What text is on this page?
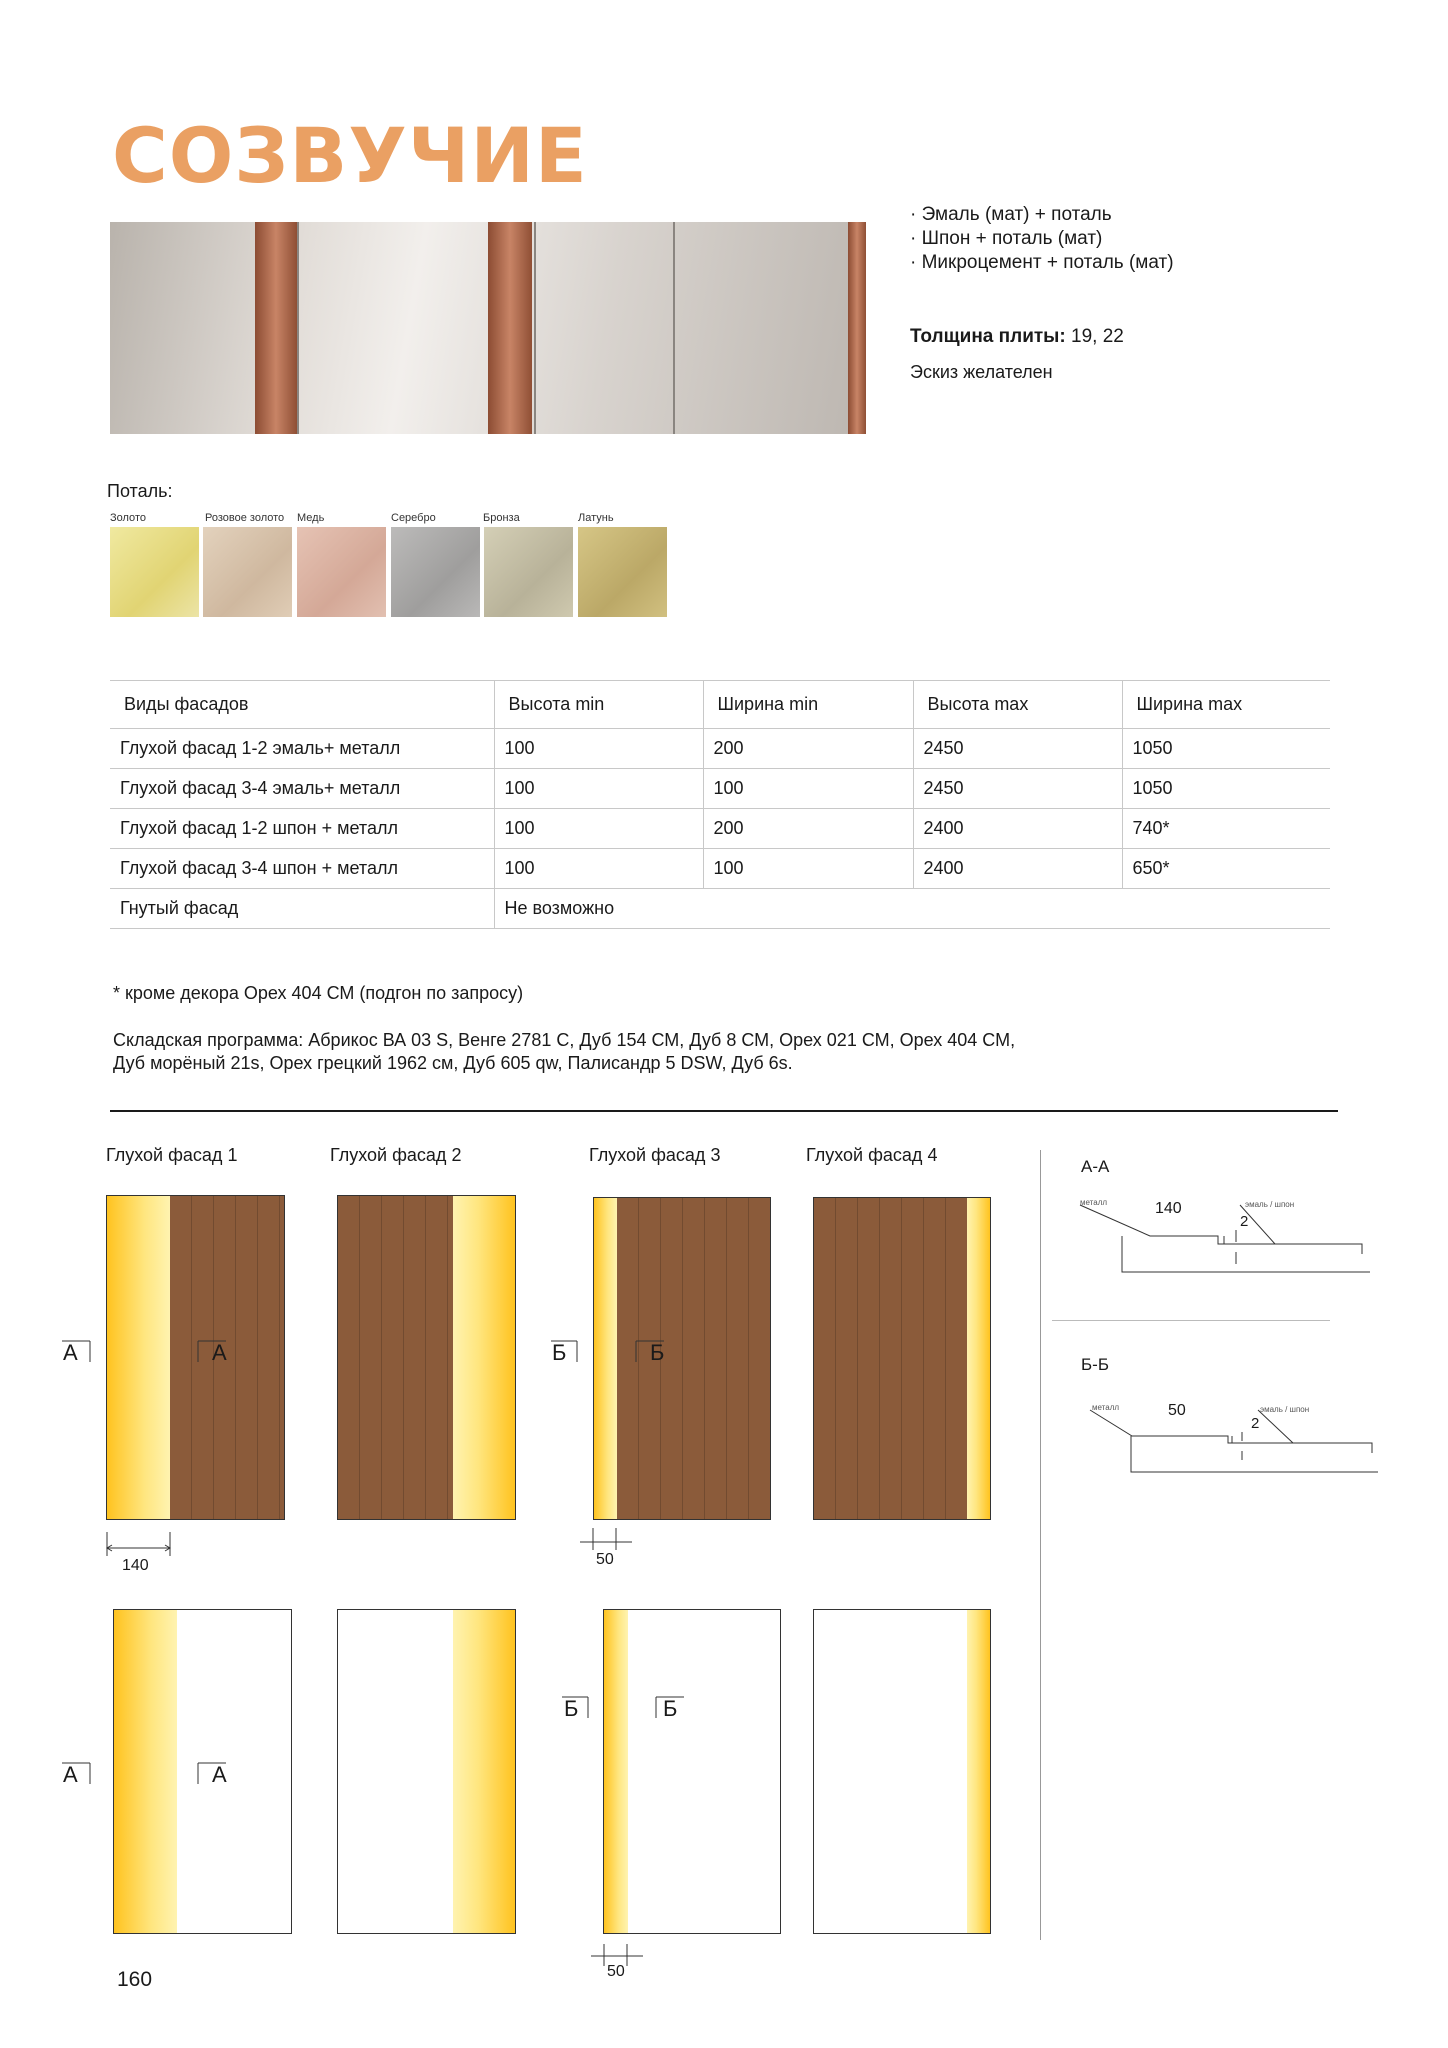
СОЗВУЧИЕ
· Эмаль (мат) + поталь
· Шпон + поталь (мат)
· Микроцемент + поталь (мат)
Толщина плиты: 19, 22
Эскиз желателен
Поталь:
Золото	Розовое золото Медь	Серебро	Бронза	Латунь
Виды фасадов	Высота min	Ширина min	Высота max	Ширина max
Глухой фасад 1-2 эмаль+ металл	100	200	2450	1050
Глухой фасад 3-4 эмаль+ металл	100	100	2450	1050
Глухой фасад 1-2 шпон + металл	100	200	2400	740*
Глухой фасад 3-4 шпон + металл	100	100	2400	650*
Гнутый фасад	Не возможно			
* кроме декора Орех 404 СМ (подгон по запросу)
Складская программа: Абрикос ВА 03 S, Венге 2781 С, Дуб 154 СМ, Дуб 8 СМ, Орех 021 СМ, Орех 404 СМ,
Дуб морёный 21s, Орех грецкий 1962 см, Дуб 605 qw, Палисандр 5 DSW, Дуб 6s.
Глухой фасад 1	Глухой фасад 2	Глухой фасад 3	Глухой фасад 4
А	А	Б	Б
А	А
Б	Б
140	50
50
А-А
металл	эмаль / шпон
140
2
Б-Б
металл	эмаль / шпон
50
2
160
